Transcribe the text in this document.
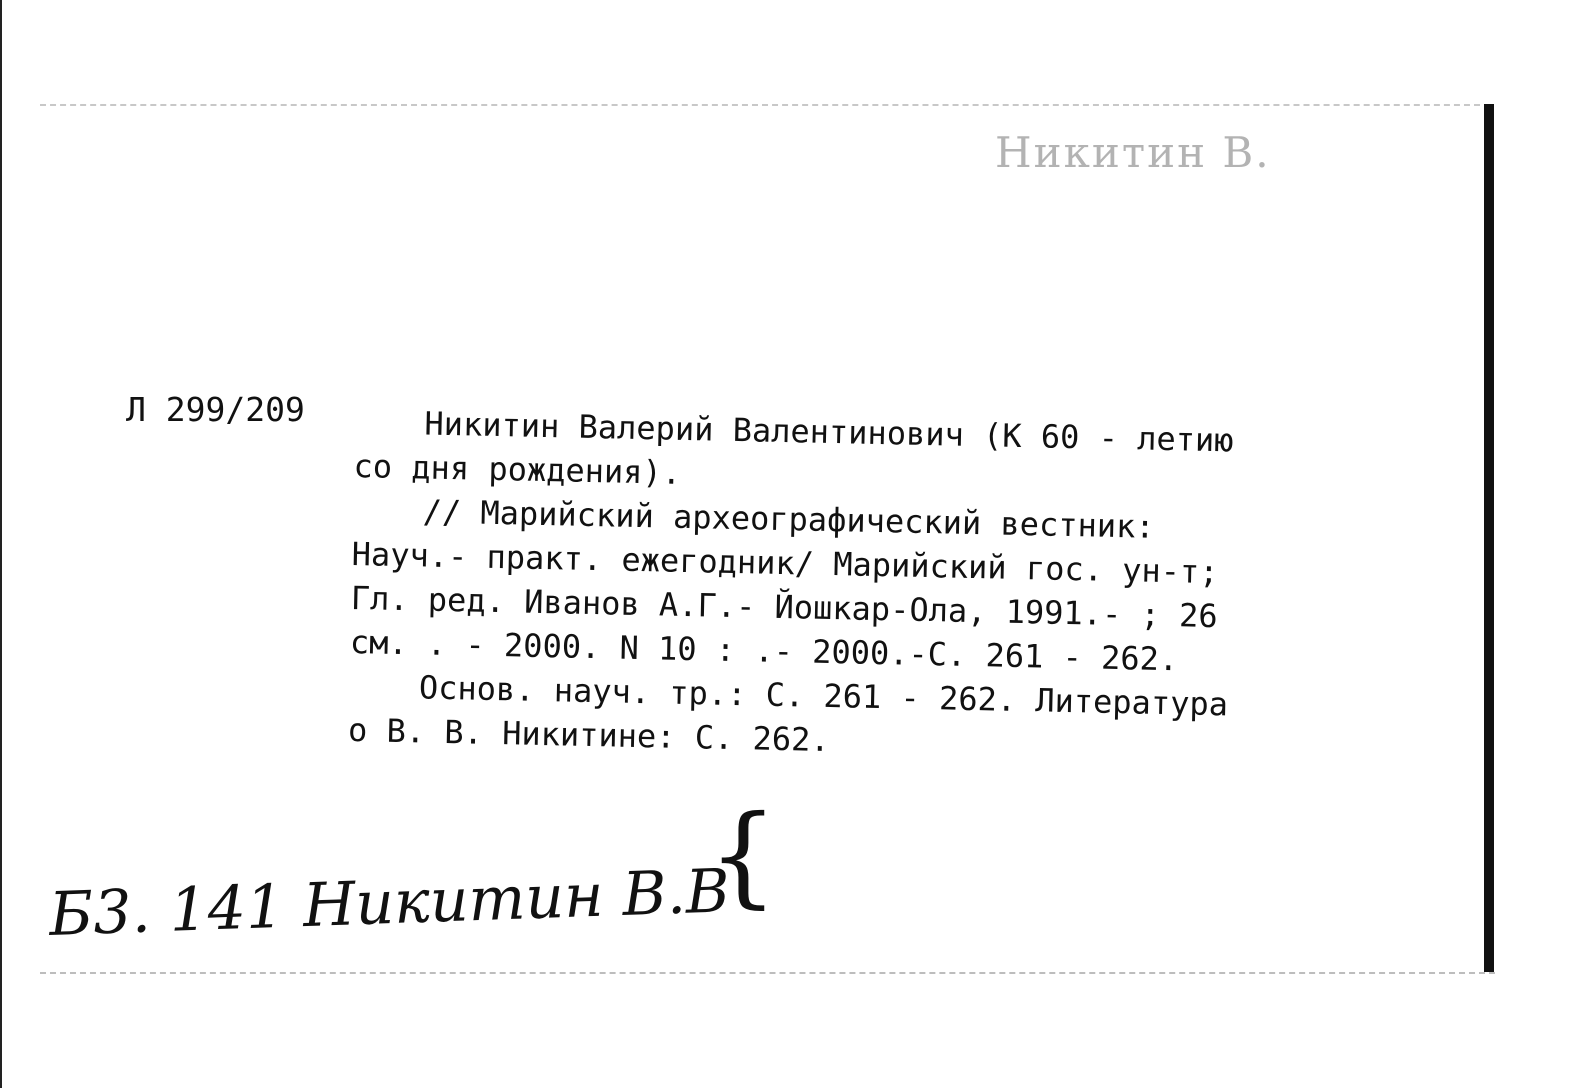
Никитин В.
Л 299/209	Никитин Валерий Валентинович (К 60 - летию

со дня рождения).

// Марийский археографический вестник:

Науч.- практ. ежегодник/ Марийский гос. ун-т;

Гл. ред. Иванов А.Г.- Йошкар-Ола, 1991.- ; 26

см. . - 2000. N 10 : .- 2000.-С. 261 - 262.

Основ. науч. тр.: С. 261 - 262. Литература

о В. В. Никитине: С. 262.

{
Б3. 141 Никитин В.В
